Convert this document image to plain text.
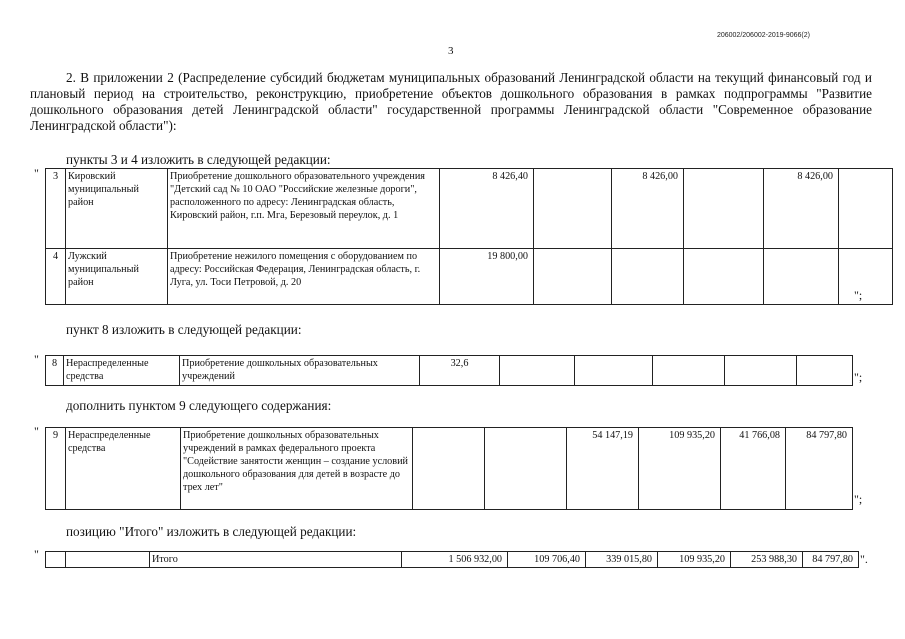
206002/206002-2019-9066(2)
3
2. В приложении 2 (Распределение субсидий бюджетам муниципальных образований Ленинградской области на текущий финансовый год и плановый период на строительство, реконструкцию, приобретение объектов дошкольного образования в рамках подпрограммы "Развитие дошкольного образования детей Ленинградской области" государственной программы Ленинградской области "Современное образование Ленинградской области"):
пункты 3 и 4 изложить в следующей редакции:
" 3	Кировский муниципальный район	Приобретение дошкольного образовательного учреждения "Детский сад № 10 ОАО "Российские железные дороги", расположенного по адресу: Ленинградская область, Кировский район, г.п. Мга, Березовый переулок, д. 1	8 426,40		8 426,00		8 426,00	
4	Лужский муниципальный район	Приобретение нежилого помещения с оборудованием по адресу: Российская Федерация, Ленинградская область, г. Луга, ул. Тоси Петровой, д. 20	19 800,00					
";
пункт 8 изложить в следующей редакции:
" 8	Нераспределенные средства	Приобретение дошкольных образовательных учреждений	32,6					
";
дополнить пунктом 9 следующего содержания:
" 9	Нераспределенные средства	Приобретение дошкольных образовательных учреждений в рамках федерального проекта "Содействие занятости женщин – создание условий дошкольного образования для детей в возрасте до трех лет"			54 147,19	109 935,20	41 766,08	84 797,80
";
позицию "Итого" изложить в следующей редакции:
"
			Итого	1 506 932,00	109 706,40	339 015,80	109 935,20	253 988,30	84 797,80 ".
